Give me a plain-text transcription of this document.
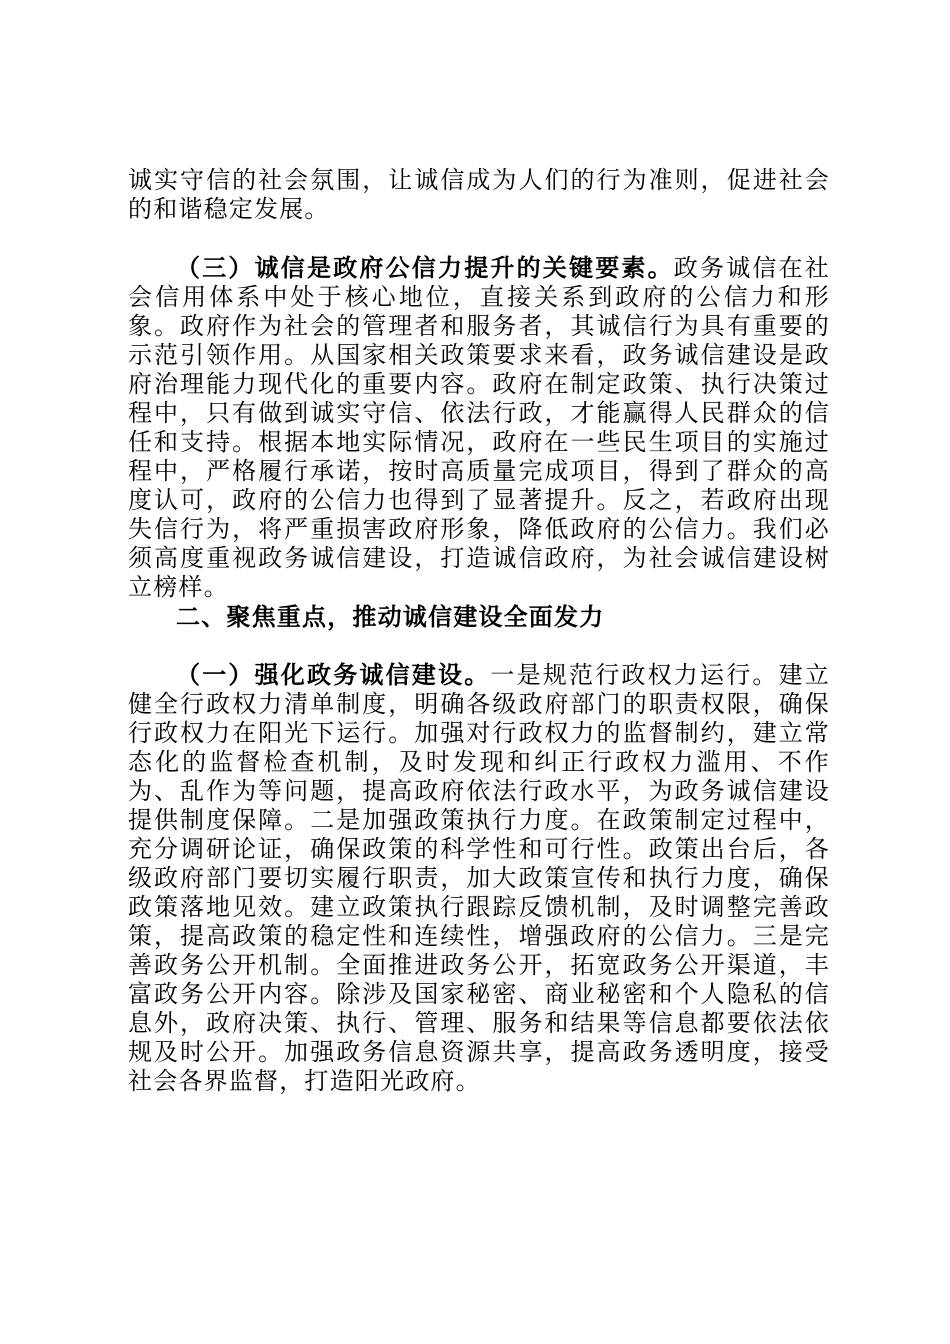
诚实守信的社会氛围，让诚信成为人们的行为准则，促进社会的和谐稳定发展。

（三）诚信是政府公信力提升的关键要素。政务诚信在社会信用体系中处于核心地位，直接关系到政府的公信力和形象。政府作为社会的管理者和服务者，其诚信行为具有重要的示范引领作用。从国家相关政策要求来看，政务诚信建设是政府治理能力现代化的重要内容。政府在制定政策、执行决策过程中，只有做到诚实守信、依法行政，才能赢得人民群众的信任和支持。根据本地实际情况，政府在一些民生项目的实施过程中，严格履行承诺，按时高质量完成项目，得到了群众的高度认可，政府的公信力也得到了显著提升。反之，若政府出现失信行为，将严重损害政府形象，降低政府的公信力。我们必须高度重视政务诚信建设，打造诚信政府，为社会诚信建设树立榜样。

二、聚焦重点，推动诚信建设全面发力

（一）强化政务诚信建设。一是规范行政权力运行。建立健全行政权力清单制度，明确各级政府部门的职责权限，确保行政权力在阳光下运行。加强对行政权力的监督制约，建立常态化的监督检查机制，及时发现和纠正行政权力滥用、不作为、乱作为等问题，提高政府依法行政水平，为政务诚信建设提供制度保障。二是加强政策执行力度。在政策制定过程中，充分调研论证，确保政策的科学性和可行性。政策出台后，各级政府部门要切实履行职责，加大政策宣传和执行力度，确保政策落地见效。建立政策执行跟踪反馈机制，及时调整完善政策，提高政策的稳定性和连续性，增强政府的公信力。三是完善政务公开机制。全面推进政务公开，拓宽政务公开渠道，丰富政务公开内容。除涉及国家秘密、商业秘密和个人隐私的信息外，政府决策、执行、管理、服务和结果等信息都要依法依规及时公开。加强政务信息资源共享，提高政务透明度，接受社会各界监督，打造阳光政府。
